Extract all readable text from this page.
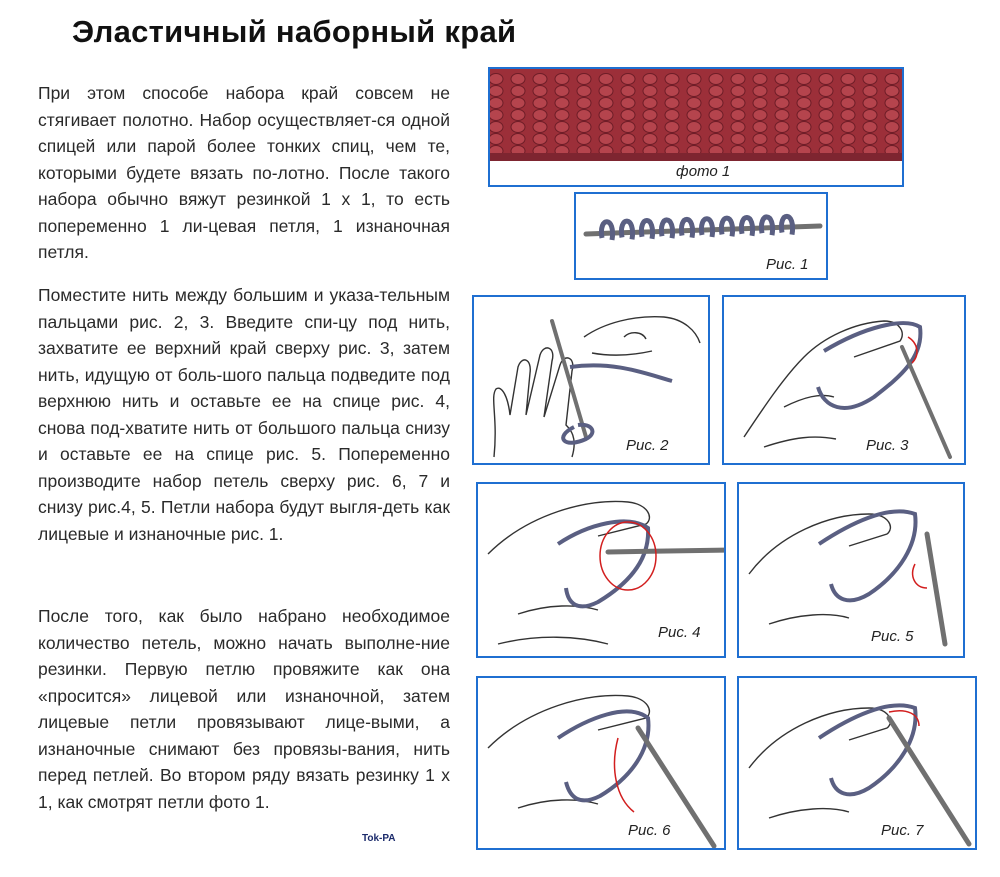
Эластичный наборный край
При этом способе набора край совсем не стягивает полотно. Набор осуществляет-ся одной спицей или парой более тонких спиц, чем те, которыми будете вязать по-лотно. После такого набора обычно вяжут резинкой 1 х 1, то есть попеременно 1 ли-цевая петля, 1 изнаночная петля.
Поместите нить между большим и указа-тельным пальцами рис. 2, 3. Введите спи-цу под нить, захватите ее верхний край сверху рис. 3, затем нить, идущую от боль-шого пальца подведите под верхнюю нить и оставьте ее на спице рис. 4, снова под-хватите нить от большого пальца снизу и оставьте ее на спице рис. 5. Попеременно производите набор петель сверху рис. 6, 7 и снизу рис.4, 5. Петли набора будут выгля-деть как лицевые и изнаночные рис. 1.
После того, как было набрано необходимое количество петель, можно начать выполне-ние резинки. Первую петлю провяжите как она «просится» лицевой или изнаночной, затем лицевые петли провязывают лице-выми, а изнаночные снимают без провязы-вания, нить перед петлей. Во втором ряду вязать резинку 1 х 1, как смотрят петли фото 1.
Tok-PA
фото 1
Рис. 1
Рис. 2	Рис. 3
Рис. 4	Рис. 5
Рис. 6	Рис. 7
